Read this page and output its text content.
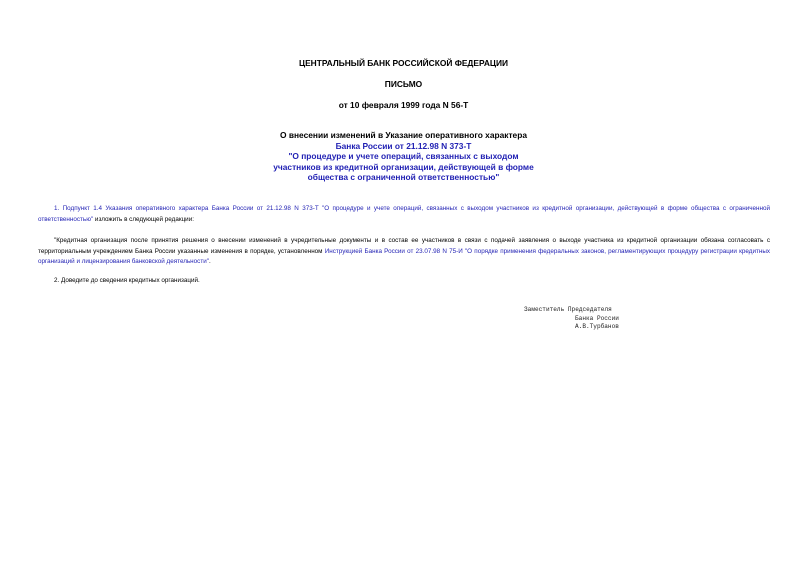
ЦЕНТРАЛЬНЫЙ БАНК РОССИЙСКОЙ ФЕДЕРАЦИИ
ПИСЬМО
от 10 февраля 1999 года N 56-Т
О внесении изменений в Указание оперативного характера
Банка России от 21.12.98 N 373-Т
"О процедуре и учете операций, связанных с выходом
участников из кредитной организации, действующей в форме
общества с ограниченной ответственностью"
1. Подпункт 1.4 Указания оперативного характера Банка России от 21.12.98 N 373-Т "О процедуре и учете операций, связанных с выходом участников из кредитной организации, действующей в форме общества с ограниченной ответственностью" изложить в следующей редакции:
"Кредитная организация после принятия решения о внесении изменений в учредительные документы и в состав ее участников в связи с подачей заявления о выходе участника из кредитной организации обязана согласовать с территориальным учреждением Банка России указанные изменения в порядке, установленном Инструкцией Банка России от 23.07.98 N 75-И "О порядке применения федеральных законов, регламентирующих процедуру регистрации кредитных организаций и лицензирования банковской деятельности".
2. Доведите до сведения кредитных организаций.
Заместитель Председателя
Банка России
А.В.Турбанов
